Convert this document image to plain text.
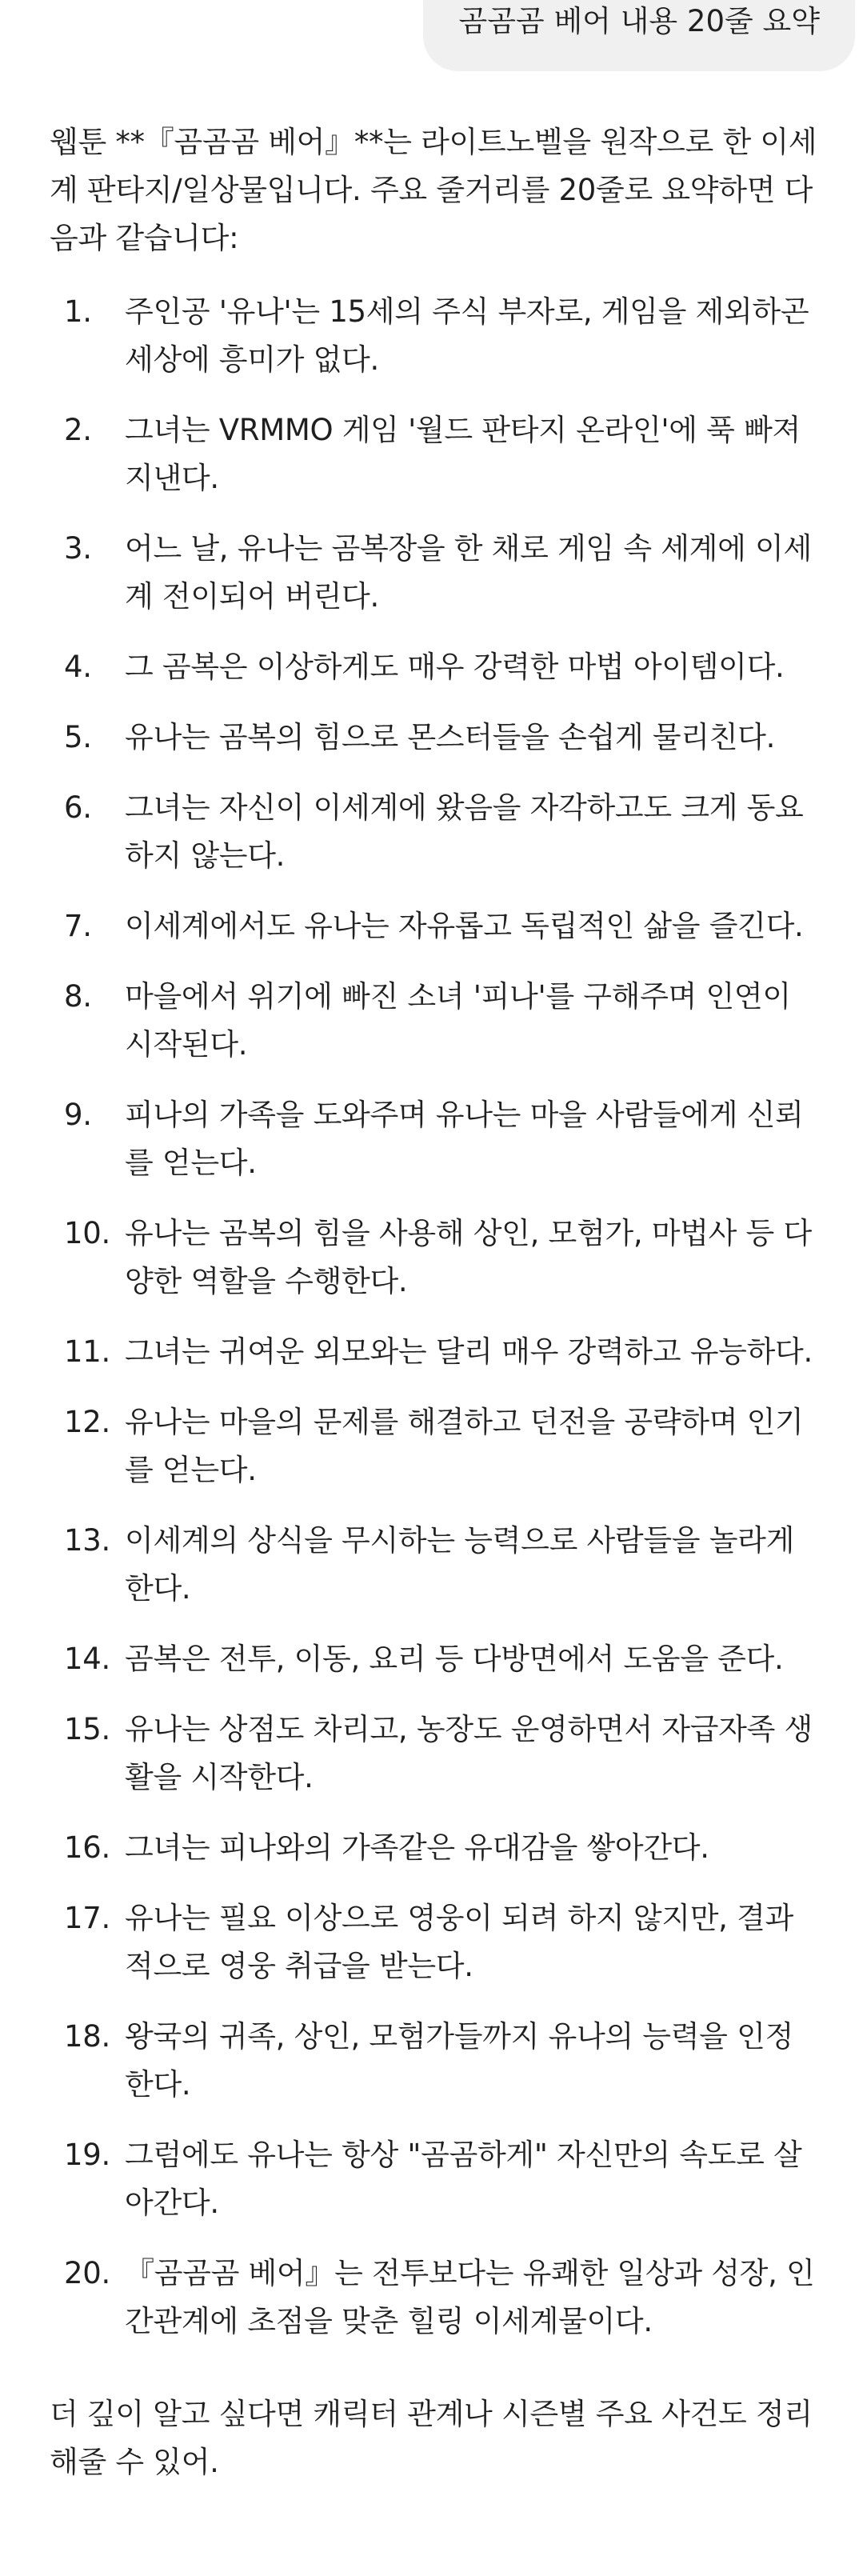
곰곰곰 베어 내용 20줄 요약

웹툰 **『곰곰곰 베어』**는 라이트노벨을 원작으로 한 이세계 판타지/일상물입니다. 주요 줄거리를 20줄로 요약하면 다음과 같습니다:

1.	주인공 '유나'는 15세의 주식 부자로, 게임을 제외하곤 세상에 흥미가 없다.
2.	그녀는 VRMMO 게임 '월드 판타지 온라인'에 푹 빠져 지낸다.
3.	어느 날, 유나는 곰복장을 한 채로 게임 속 세계에 이세계 전이되어 버린다.
4.	그 곰복은 이상하게도 매우 강력한 마법 아이템이다.
5.	유나는 곰복의 힘으로 몬스터들을 손쉽게 물리친다.
6.	그녀는 자신이 이세계에 왔음을 자각하고도 크게 동요하지 않는다.
7.	이세계에서도 유나는 자유롭고 독립적인 삶을 즐긴다.
8.	마을에서 위기에 빠진 소녀 '피나'를 구해주며 인연이 시작된다.
9.	피나의 가족을 도와주며 유나는 마을 사람들에게 신뢰를 얻는다.
10. 유나는 곰복의 힘을 사용해 상인, 모험가, 마법사 등 다양한 역할을 수행한다.
11. 그녀는 귀여운 외모와는 달리 매우 강력하고 유능하다.
12. 유나는 마을의 문제를 해결하고 던전을 공략하며 인기를 얻는다.
13. 이세계의 상식을 무시하는 능력으로 사람들을 놀라게 한다.
14. 곰복은 전투, 이동, 요리 등 다방면에서 도움을 준다.
15. 유나는 상점도 차리고, 농장도 운영하면서 자급자족 생활을 시작한다.
16. 그녀는 피나와의 가족같은 유대감을 쌓아간다.
17. 유나는 필요 이상으로 영웅이 되려 하지 않지만, 결과적으로 영웅 취급을 받는다.
18. 왕국의 귀족, 상인, 모험가들까지 유나의 능력을 인정한다.
19. 그럼에도 유나는 항상 "곰곰하게" 자신만의 속도로 살아간다.
20. 『곰곰곰 베어』는 전투보다는 유쾌한 일상과 성장, 인간관계에 초점을 맞춘 힐링 이세계물이다.

더 깊이 알고 싶다면 캐릭터 관계나 시즌별 주요 사건도 정리해줄 수 있어.
